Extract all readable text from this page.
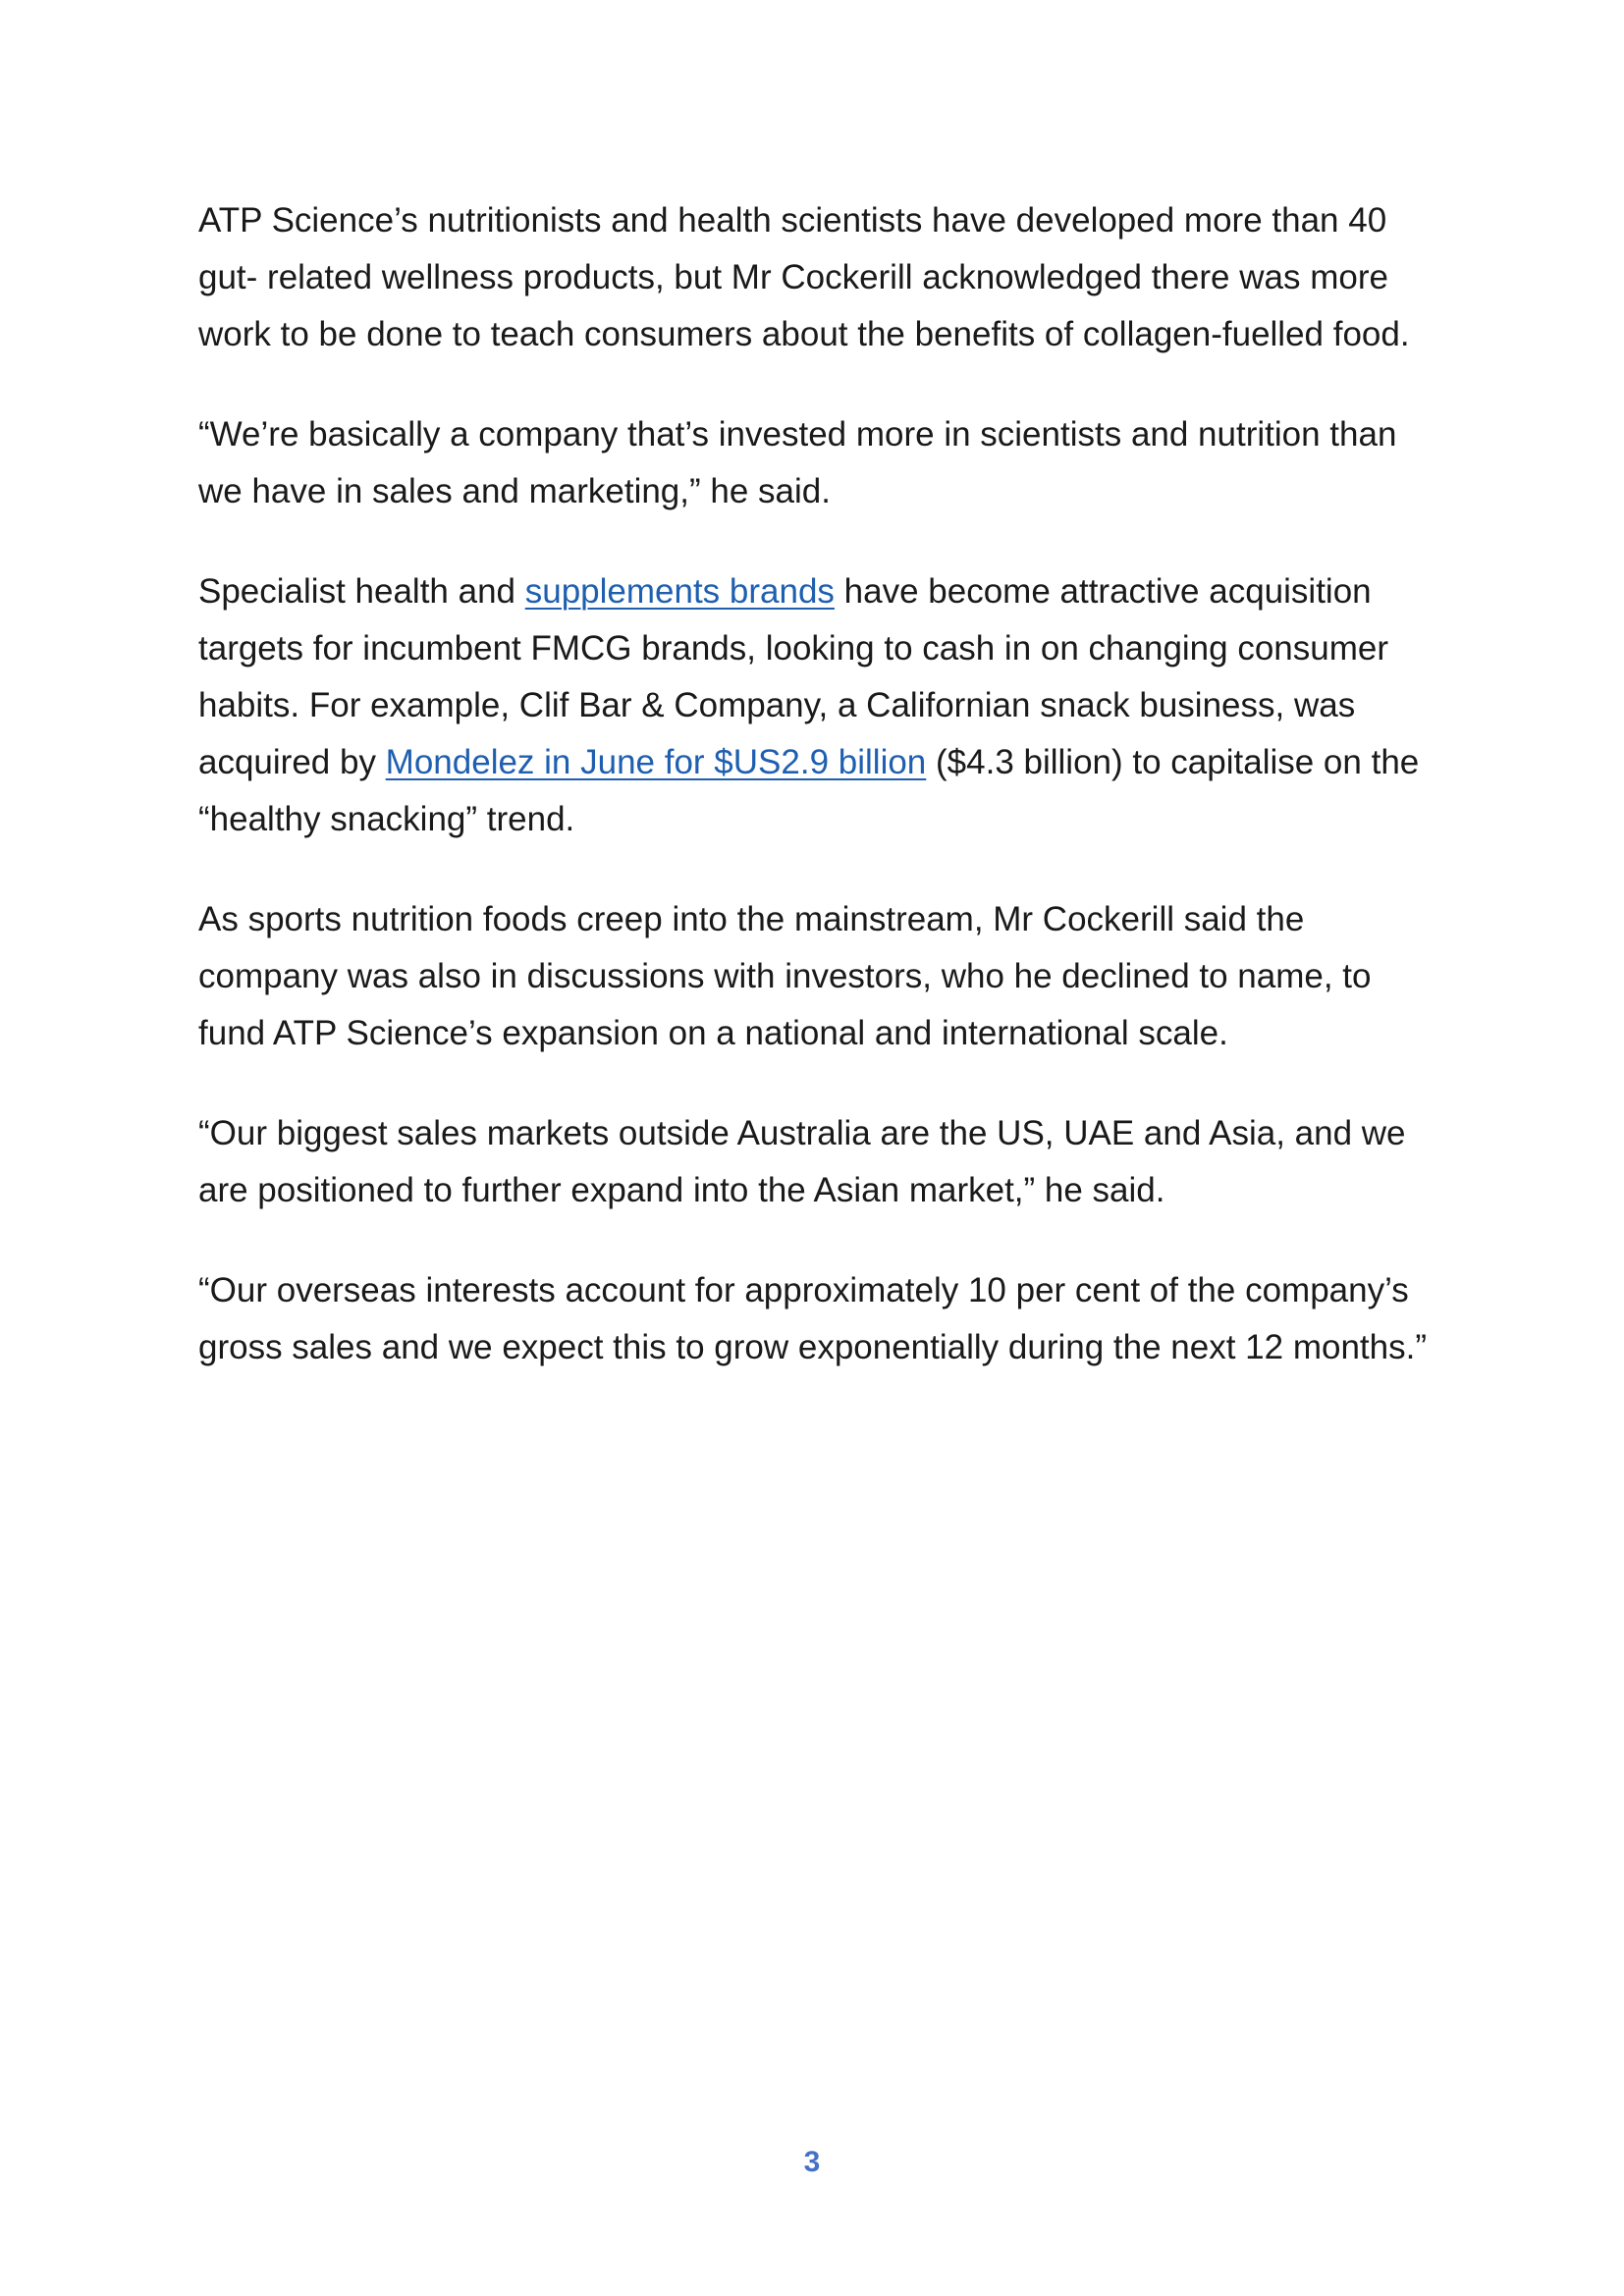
ATP Science’s nutritionists and health scientists have developed more than 40 gut- related wellness products, but Mr Cockerill acknowledged there was more work to be done to teach consumers about the benefits of collagen-fuelled food.

“We’re basically a company that’s invested more in scientists and nutrition than we have in sales and marketing,” he said.

Specialist health and supplements brands have become attractive acquisition targets for incumbent FMCG brands, looking to cash in on changing consumer habits. For example, Clif Bar & Company, a Californian snack business, was acquired by Mondelez in June for $US2.9 billion ($4.3 billion) to capitalise on the “healthy snacking” trend.

As sports nutrition foods creep into the mainstream, Mr Cockerill said the company was also in discussions with investors, who he declined to name, to fund ATP Science’s expansion on a national and international scale.

“Our biggest sales markets outside Australia are the US, UAE and Asia, and we are positioned to further expand into the Asian market,” he said.

“Our overseas interests account for approximately 10 per cent of the company’s gross sales and we expect this to grow exponentially during the next 12 months.”

3
